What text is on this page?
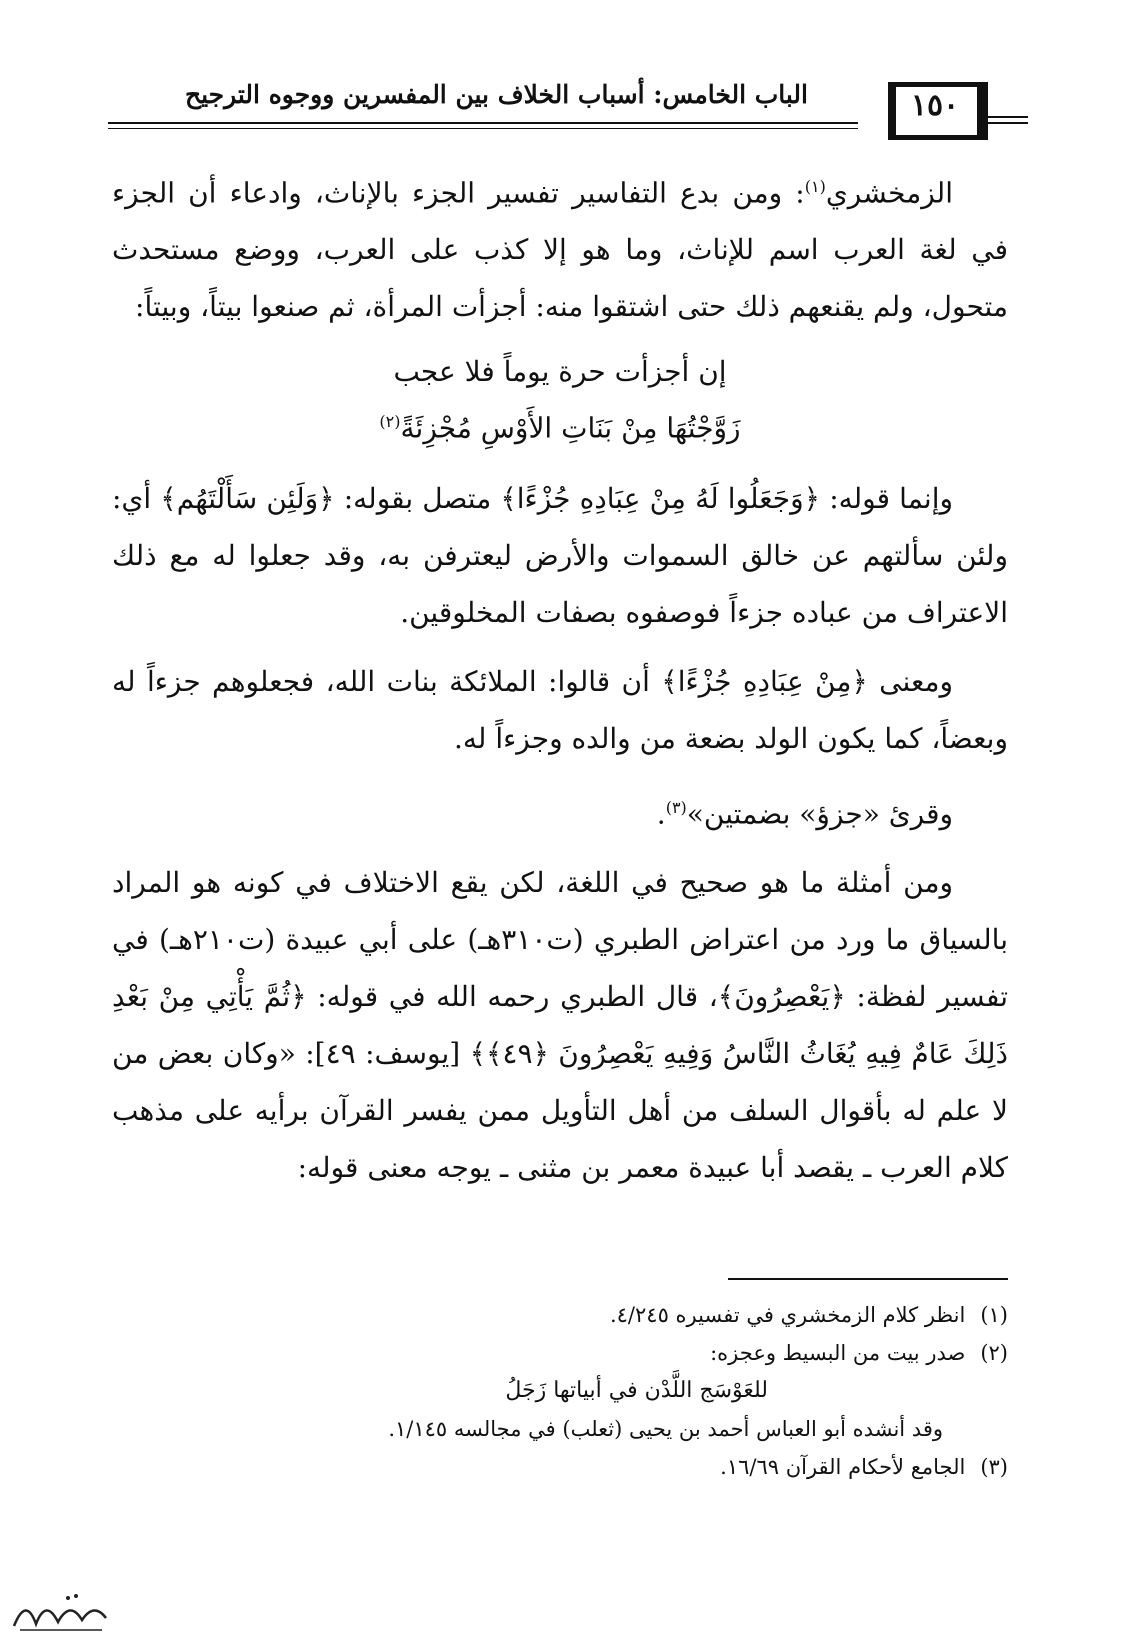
الباب الخامس: أسباب الخلاف بين المفسرين ووجوه الترجيح	١٥٠

الزمخشري$^{(١)}$: ومن بدع التفاسير تفسير الجزء بالإناث، وادعاء أن الجزء في لغة العرب اسم للإناث، وما هو إلا كذب على العرب، ووضع مستحدث متحول، ولم يقنعهم ذلك حتى اشتقوا منه: أجزأت المرأة، ثم صنعوا بيتاً، وبيتاً:

إن أجزأت حرة يوماً فلا عجب
زَوَّجْتُهَا مِنْ بَنَاتِ الأَوْسِ مُجْزِئَةً$^{(٢)}$

وإنما قوله: ﴿وَجَعَلُوا لَهُ مِنْ عِبَادِهِ جُزْءًا﴾ متصل بقوله: ﴿وَلَئِن سَأَلْتَهُم﴾ أي: ولئن سألتهم عن خالق السموات والأرض ليعترفن به، وقد جعلوا له مع ذلك الاعتراف من عباده جزءاً فوصفوه بصفات المخلوقين.

ومعنى ﴿مِنْ عِبَادِهِ جُزْءًا﴾ أن قالوا: الملائكة بنات الله، فجعلوهم جزءاً له وبعضاً، كما يكون الولد بضعة من والده وجزءاً له.

وقرئ «جزؤ» بضمتين»$^{(٣)}$.

ومن أمثلة ما هو صحيح في اللغة، لكن يقع الاختلاف في كونه هو المراد بالسياق ما ورد من اعتراض الطبري (ت٣١٠هـ) على أبي عبيدة (ت٢١٠هـ) في تفسير لفظة: ﴿يَعْصِرُونَ﴾، قال الطبري رحمه الله في قوله: ﴿ثُمَّ يَأْتِي مِنْ بَعْدِ ذَلِكَ عَامٌ فِيهِ يُغَاثُ النَّاسُ وَفِيهِ يَعْصِرُونَ ﴿٤٩﴾﴾ [يوسف: ٤٩]: «وكان بعض من لا علم له بأقوال السلف من أهل التأويل ممن يفسر القرآن برأيه على مذهب كلام العرب ـ يقصد أبا عبيدة معمر بن مثنى ـ يوجه معنى قوله:

(١) انظر كلام الزمخشري في تفسيره ٤/٢٤٥.
(٢) صدر بيت من البسيط وعجزه:
للعَوْسَج اللَّدْن في أبياتها زَجَلُ
وقد أنشده أبو العباس أحمد بن يحيى (ثعلب) في مجالسه ١/١٤٥.
(٣) الجامع لأحكام القرآن ١٦/٦٩.
